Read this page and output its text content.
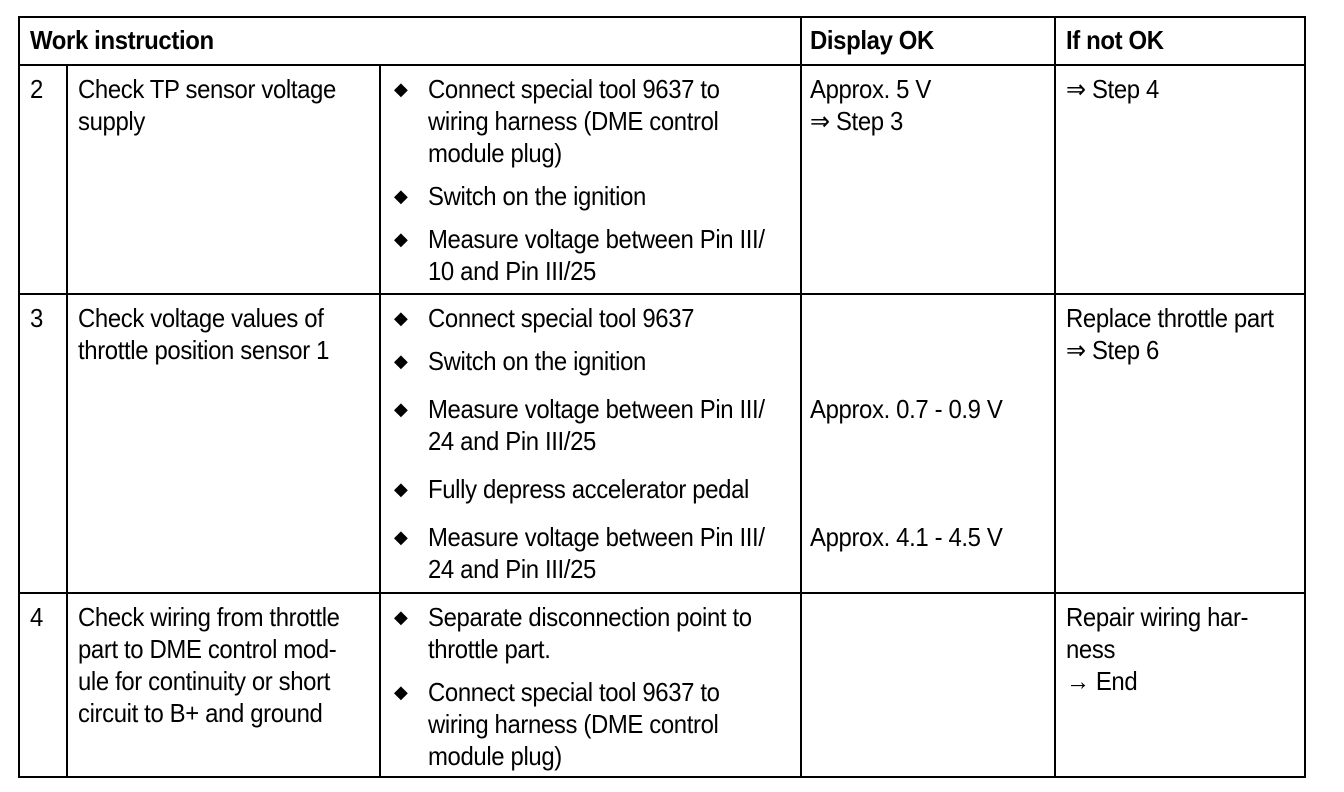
Work instruction	Display OK	If not OK
2 Check TP sensor voltage
supply
◆ Connect special tool 9637 to
wiring harness (DME control
module plug)
◆ Switch on the ignition
◆ Measure voltage between Pin III/
10 and Pin III/25
Approx. 5 V
⇒ Step 3
⇒ Step 4
3 Check voltage values of
throttle position sensor 1
◆ Connect special tool 9637
◆ Switch on the ignition
◆ Measure voltage between Pin III/
24 and Pin III/25
◆ Fully depress accelerator pedal
◆ Measure voltage between Pin III/
24 and Pin III/25
Approx. 0.7 - 0.9 V
Approx. 4.1 - 4.5 V
Replace throttle part
⇒ Step 6
4 Check wiring from throttle
part to DME control mod-
ule for continuity or short
circuit to B+ and ground
◆ Separate disconnection point to
throttle part.
◆ Connect special tool 9637 to
wiring harness (DME control
module plug)
Repair wiring har-
ness
→ End
